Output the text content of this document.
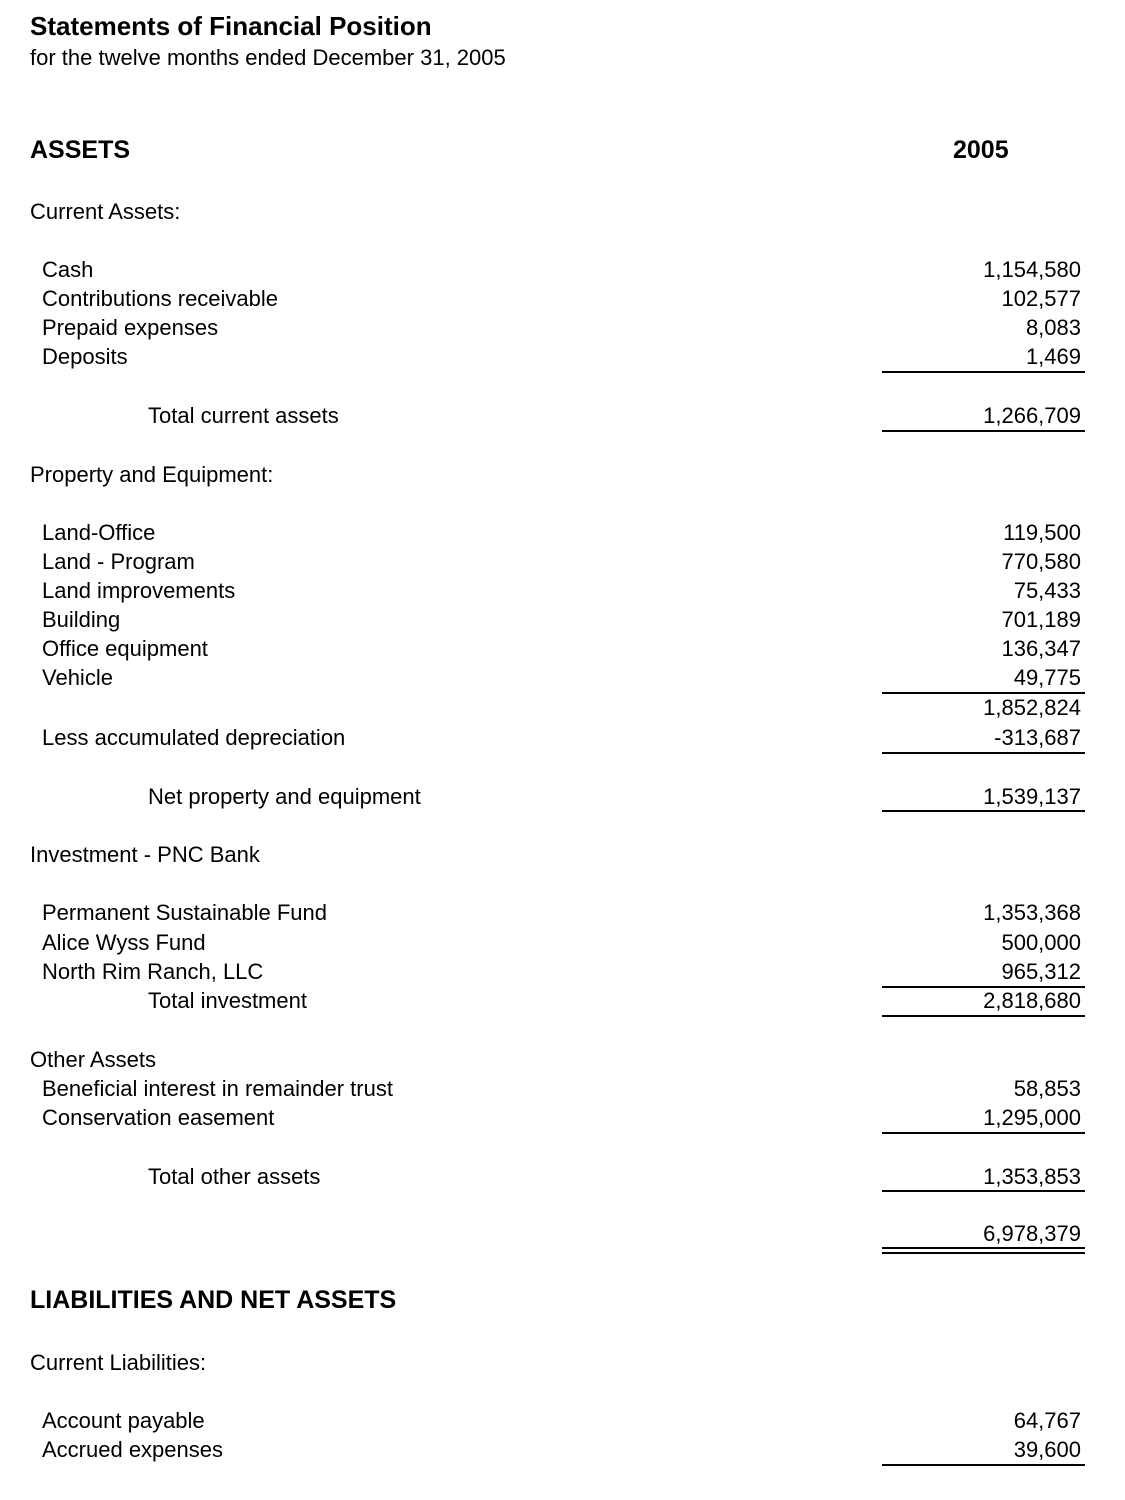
Statements of Financial Position
for the twelve months ended December 31, 2005
ASSETS	2005
Current Assets:
Cash	1,154,580
Contributions receivable	102,577
Prepaid expenses	8,083
Deposits	1,469
Total current assets	1,266,709
Property and Equipment:
Land-Office	119,500
Land - Program	770,580
Land improvements	75,433
Building	701,189
Office equipment	136,347
Vehicle	49,775
1,852,824
Less accumulated depreciation	-313,687
Net property and equipment	1,539,137
Investment - PNC Bank
Permanent Sustainable Fund	1,353,368
Alice Wyss Fund	500,000
North Rim Ranch, LLC	965,312
Total investment	2,818,680
Other Assets
Beneficial interest in remainder trust	58,853
Conservation easement	1,295,000
Total other assets	1,353,853
6,978,379
LIABILITIES AND NET ASSETS
Current Liabilities:
Account payable	64,767
Accrued expenses	39,600
